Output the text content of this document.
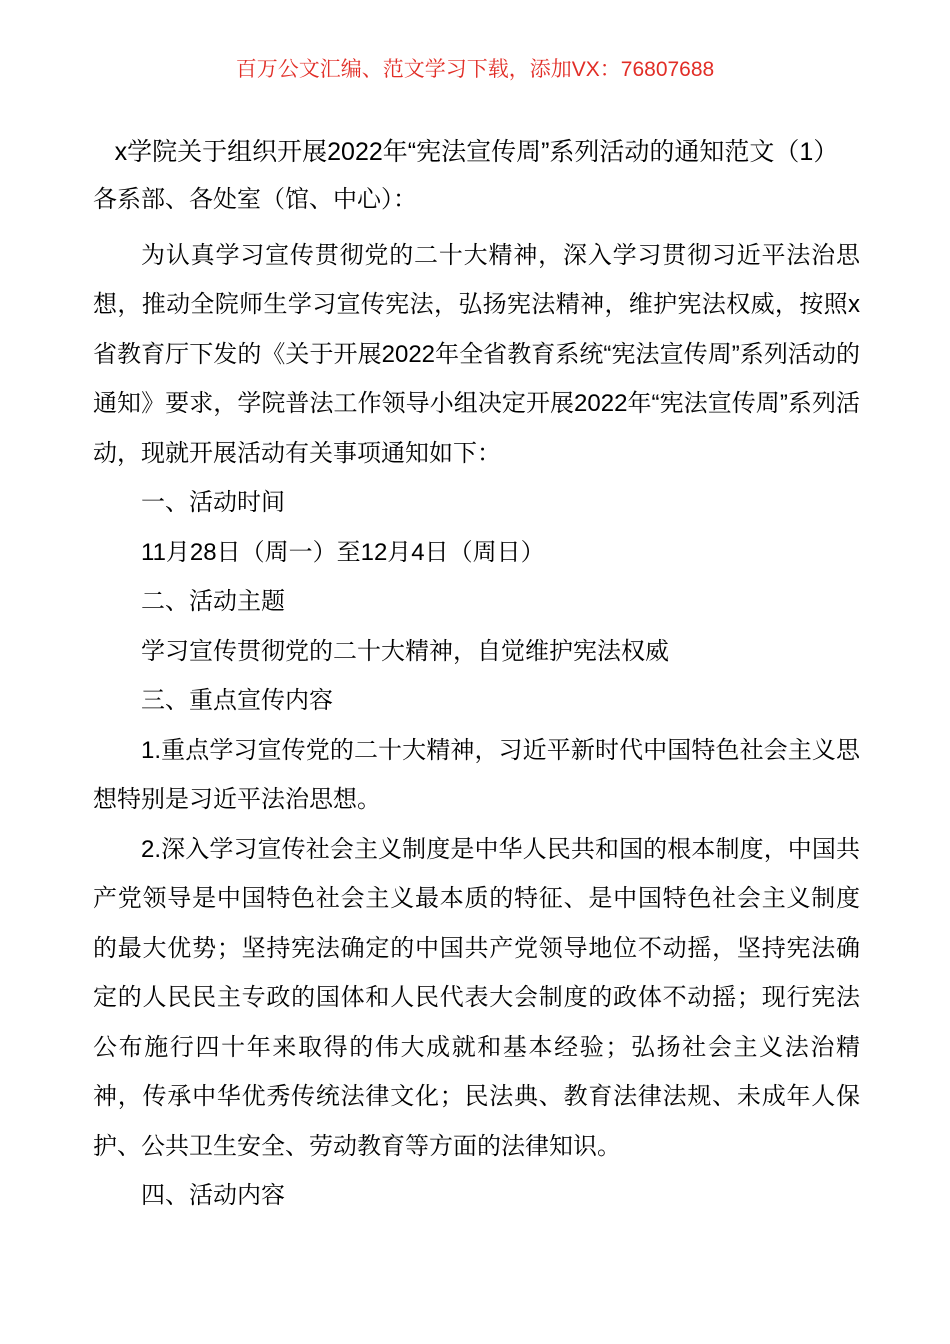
百万公文汇编、范文学习下载，添加VX：76807688
x学院关于组织开展2022年“宪法宣传周”系列活动的通知范文（1）

各系部、各处室（馆、中心）：

为认真学习宣传贯彻党的二十大精神，深入学习贯彻习近平法治思想，推动全院师生学习宣传宪法，弘扬宪法精神，维护宪法权威，按照x省教育厅下发的《关于开展2022年全省教育系统“宪法宣传周”系列活动的通知》要求，学院普法工作领导小组决定开展2022年“宪法宣传周”系列活动，现就开展活动有关事项通知如下：

一、活动时间

11月28日（周一）至12月4日（周日）

二、活动主题

学习宣传贯彻党的二十大精神，自觉维护宪法权威

三、重点宣传内容

1.重点学习宣传党的二十大精神，习近平新时代中国特色社会主义思想特别是习近平法治思想。

2.深入学习宣传社会主义制度是中华人民共和国的根本制度，中国共产党领导是中国特色社会主义最本质的特征、是中国特色社会主义制度的最大优势；坚持宪法确定的中国共产党领导地位不动摇，坚持宪法确定的人民民主专政的国体和人民代表大会制度的政体不动摇；现行宪法公布施行四十年来取得的伟大成就和基本经验；弘扬社会主义法治精神，传承中华优秀传统法律文化；民法典、教育法律法规、未成年人保护、公共卫生安全、劳动教育等方面的法律知识。

四、活动内容
